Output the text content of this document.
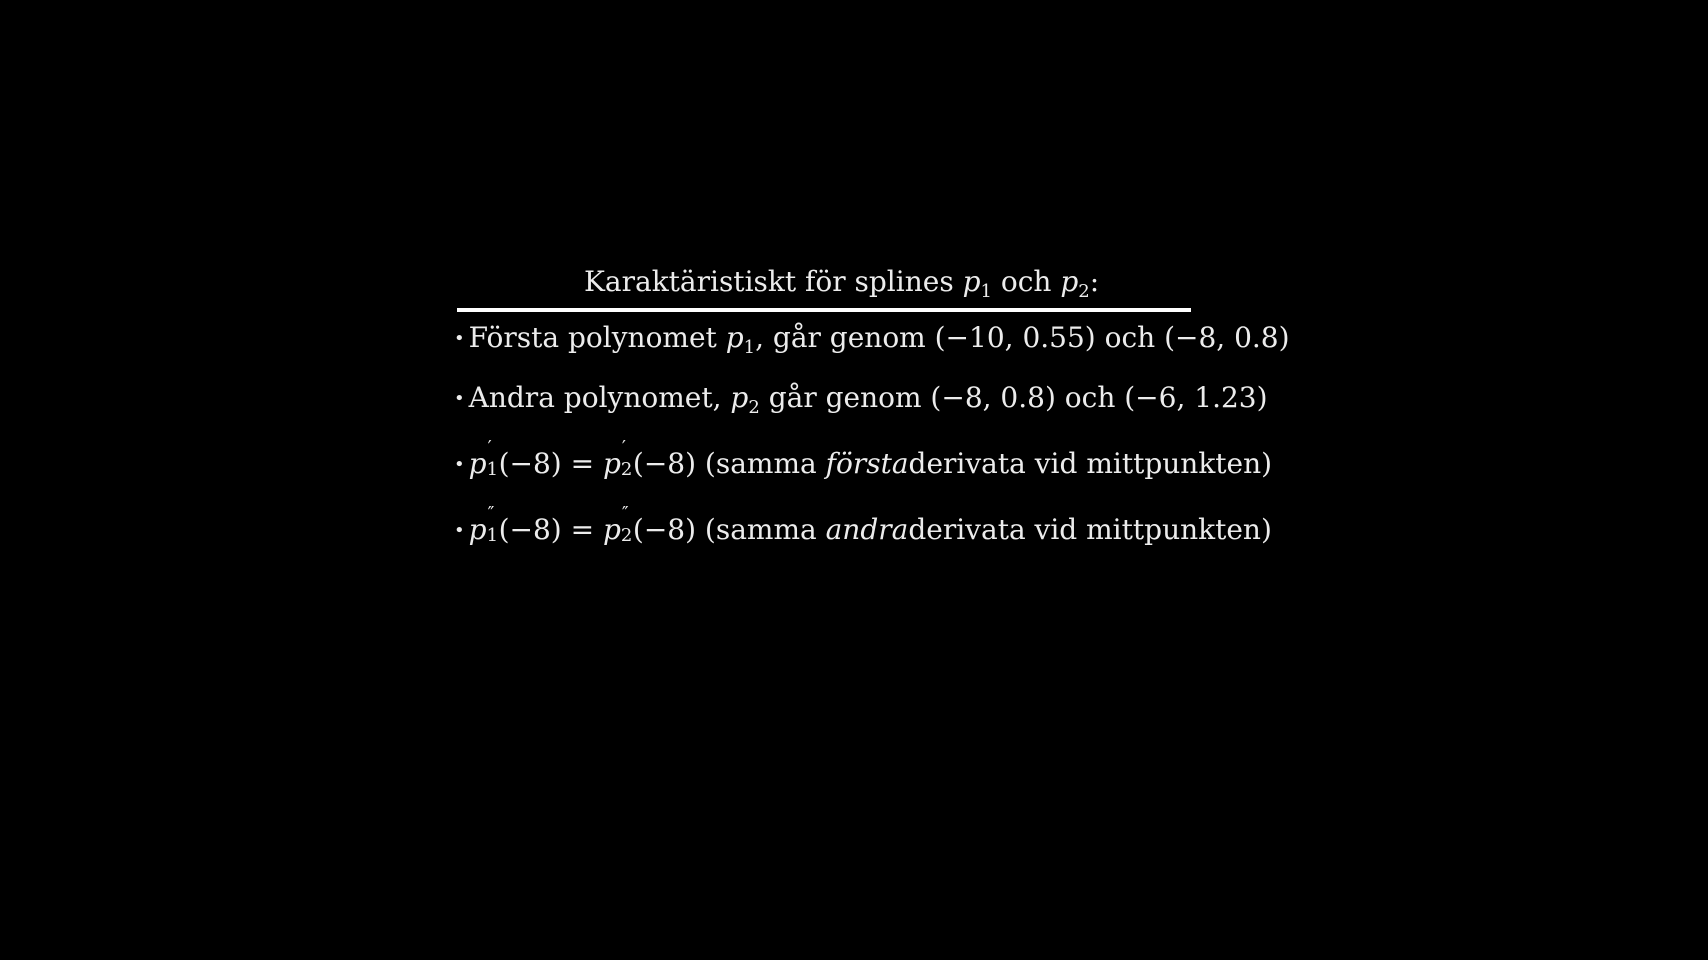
Karaktäristiskt för splines $p_1$ och $p_2$:
• Första polynomet $p_1$, går genom (−10, 0.55) och (−8, 0.8)
• Andra polynomet, $p_2$ går genom (−8, 0.8) och (−6, 1.23)
• p ′
1 (−8) = p ′
2 (−8) (samma förstaderivata vid mittpunkten)
• p ″
1 (−8) = p ″
2 (−8) (samma andraderivata vid mittpunkten)
